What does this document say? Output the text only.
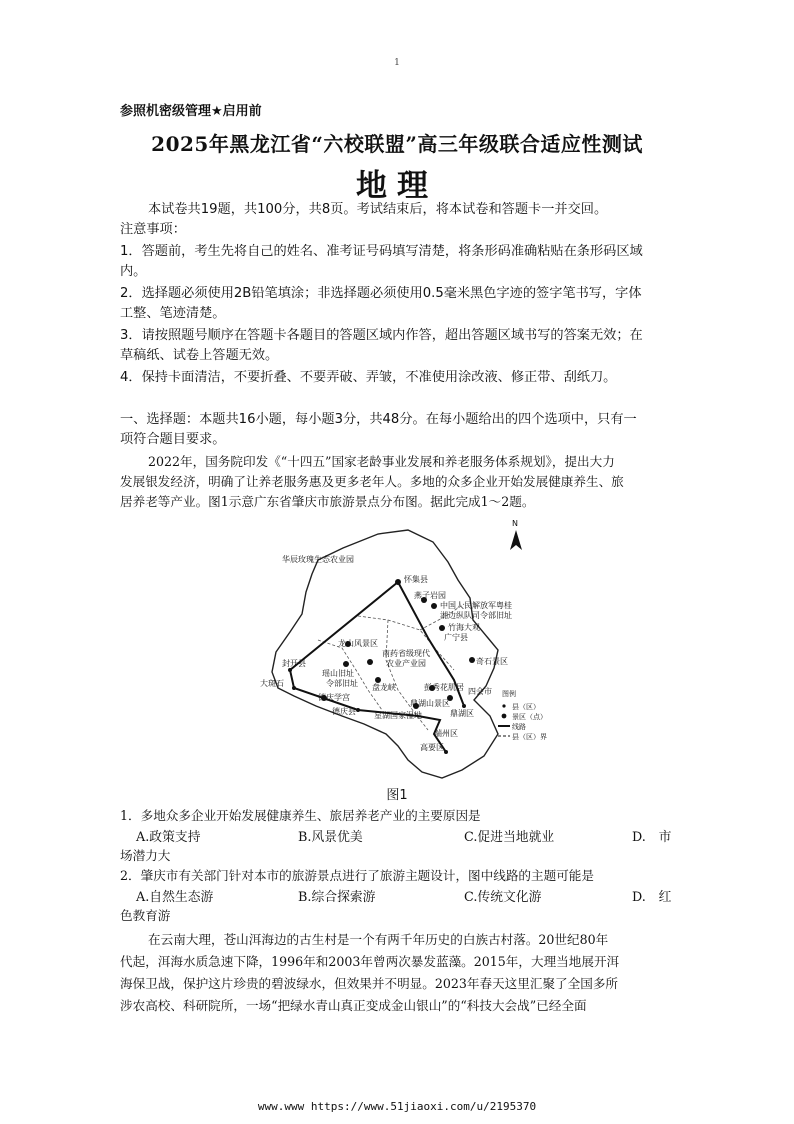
1
参照机密级管理★启用前
2025年黑龙江省“六校联盟”高三年级联合适应性测试
地理
本试卷共19题，共100分，共8页。考试结束后，将本试卷和答题卡一并交回。
注意事项：
1．答题前，考生先将自己的姓名、准考证号码填写清楚，将条形码准确粘贴在条形码区域
内。
2．选择题必须使用2B铅笔填涂；非选择题必须使用0.5毫米黑色字迹的签字笔书写，字体
工整、笔迹清楚。
3．请按照题号顺序在答题卡各题目的答题区域内作答，超出答题区域书写的答案无效；在
草稿纸、试卷上答题无效。
4．保持卡面清洁，不要折叠、不要弄破、弄皱，不准使用涂改液、修正带、刮纸刀。
一、选择题：本题共16小题，每小题3分，共48分。在每小题给出的四个选项中，只有一
项符合题目要求。
2022年，国务院印发《“十四五”国家老龄事业发展和养老服务体系规划》，提出大力
发展银发经济，明确了让养老服务惠及更多老年人。多地的众多企业开始发展健康养生、旅
居养老等产业。图1示意广东省肇庆市旅游景点分布图。据此完成1～2题。
N
华辰玫瑰生态农业园
怀集县
燕子岩园
中国人民解放军粤桂
湘边纵队司令部旧址
竹海大观
广宁县
龙山风景区
南药省级现代
农业产业园
封开县	奇石景区
瑶山旧址
令部旧址
大斑石	盘龙峡	彭秀花肌居 四会市
德庆学宫
鼎湖山景区
德庆县 星湖国家湿地	鼎湖区
端州区
高要区
图例
县（区）
景区（点）
线路
县（区）界
图1
1．多地众多企业开始发展健康养生、旅居养老产业的主要原因是
A.政策支持	B.风景优美	C.促进当地就业	D.　市
场潜力大
2．肇庆市有关部门针对本市的旅游景点进行了旅游主题设计，图中线路的主题可能是
A.自然生态游	B.综合探索游	C.传统文化游	D.　红
色教育游
在云南大理，苍山洱海边的古生村是一个有两千年历史的白族古村落。20世纪80年
代起，洱海水质急速下降，1996年和2003年曾两次暴发蓝藻。2015年，大理当地展开洱
海保卫战，保护这片珍贵的碧波绿水，但效果并不明显。2023年春天这里汇聚了全国多所
涉农高校、科研院所，一场“把绿水青山真正变成金山银山”的“科技大会战”已经全面
www.www https://www.51jiaoxi.com/u/2195370
